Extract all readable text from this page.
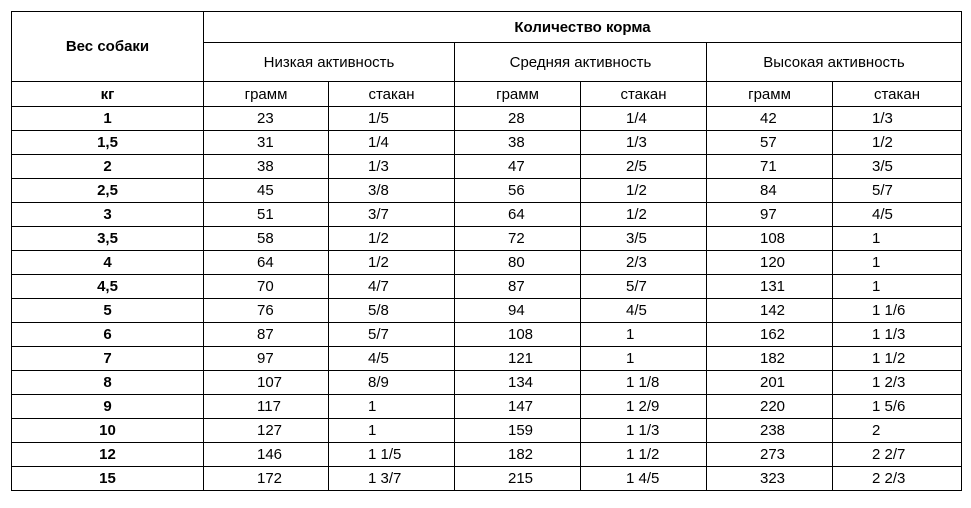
Вес собаки	Количество корма					
	Низкая активность		Средняя активность		Высокая активность	
кг	грамм	стакан	грамм	стакан	грамм	стакан
1	23	1/5	28	1/4	42	1/3
1,5	31	1/4	38	1/3	57	1/2
2	38	1/3	47	2/5	71	3/5
2,5	45	3/8	56	1/2	84	5/7
3	51	3/7	64	1/2	97	4/5
3,5	58	1/2	72	3/5	108	1
4	64	1/2	80	2/3	120	1
4,5	70	4/7	87	5/7	131	1
5	76	5/8	94	4/5	142	1 1/6
6	87	5/7	108	1	162	1 1/3
7	97	4/5	121	1	182	1 1/2
8	107	8/9	134	1 1/8	201	1 2/3
9	117	1	147	1 2/9	220	1 5/6
10	127	1	159	1 1/3	238	2
12	146	1 1/5	182	1 1/2	273	2 2/7
15	172	1 3/7	215	1 4/5	323	2 2/3
